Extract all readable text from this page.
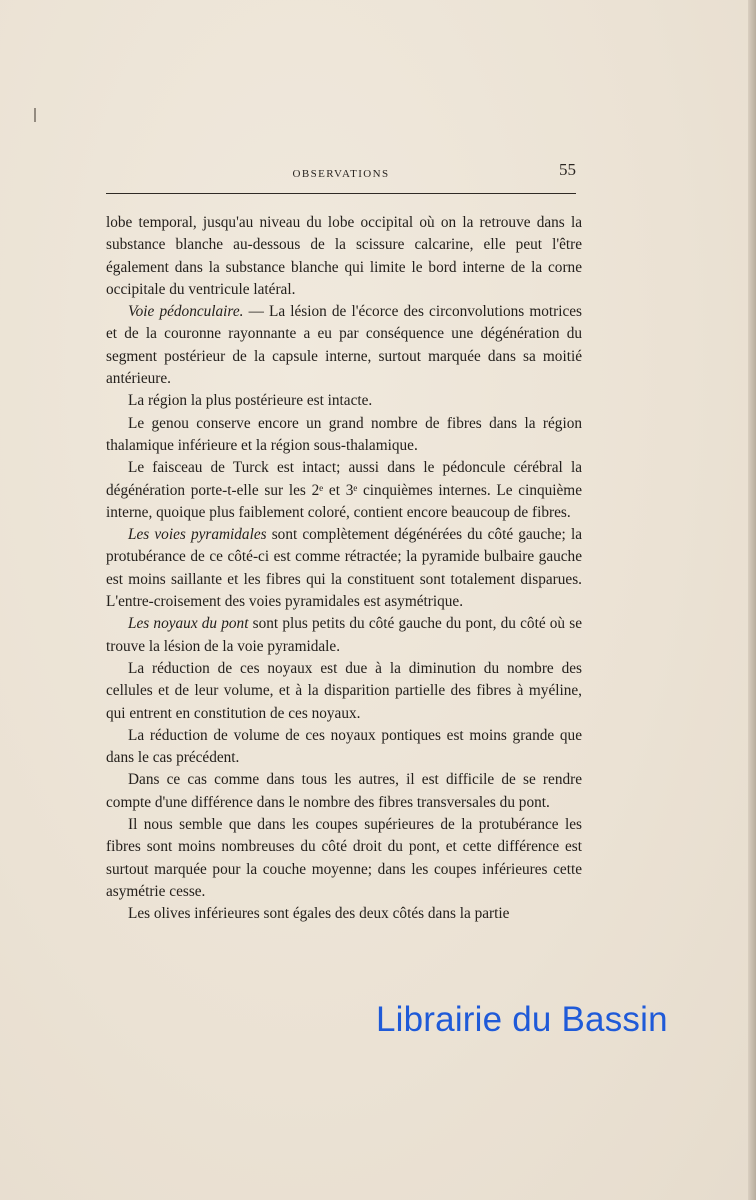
OBSERVATIONS	55

lobe temporal, jusqu'au niveau du lobe occipital où on la retrouve dans la substance blanche au-dessous de la scissure calcarine, elle peut l'être également dans la substance blanche qui limite le bord interne de la corne occipitale du ventricule latéral.

Voie pédonculaire. — La lésion de l'écorce des circonvolutions motrices et de la couronne rayonnante a eu par conséquence une dégénération du segment postérieur de la capsule interne, surtout marquée dans sa moitié antérieure.

La région la plus postérieure est intacte.

Le genou conserve encore un grand nombre de fibres dans la région thalamique inférieure et la région sous-thalamique.

Le faisceau de Turck est intact; aussi dans le pédoncule cérébral la dégénération porte-t-elle sur les 2ᵉ et 3ᵉ cinquièmes internes. Le cinquième interne, quoique plus faiblement coloré, contient encore beaucoup de fibres.

Les voies pyramidales sont complètement dégénérées du côté gauche; la protubérance de ce côté-ci est comme rétractée; la pyramide bulbaire gauche est moins saillante et les fibres qui la constituent sont totalement disparues. L'entre-croisement des voies pyramidales est asymétrique.

Les noyaux du pont sont plus petits du côté gauche du pont, du côté où se trouve la lésion de la voie pyramidale.

La réduction de ces noyaux est due à la diminution du nombre des cellules et de leur volume, et à la disparition partielle des fibres à myéline, qui entrent en constitution de ces noyaux.

La réduction de volume de ces noyaux pontiques est moins grande que dans le cas précédent.

Dans ce cas comme dans tous les autres, il est difficile de se rendre compte d'une différence dans le nombre des fibres transversales du pont.

Il nous semble que dans les coupes supérieures de la protubérance les fibres sont moins nombreuses du côté droit du pont, et cette différence est surtout marquée pour la couche moyenne; dans les coupes inférieures cette asymétrie cesse.

Les olives inférieures sont égales des deux côtés dans la partie

Librairie du Bassin
